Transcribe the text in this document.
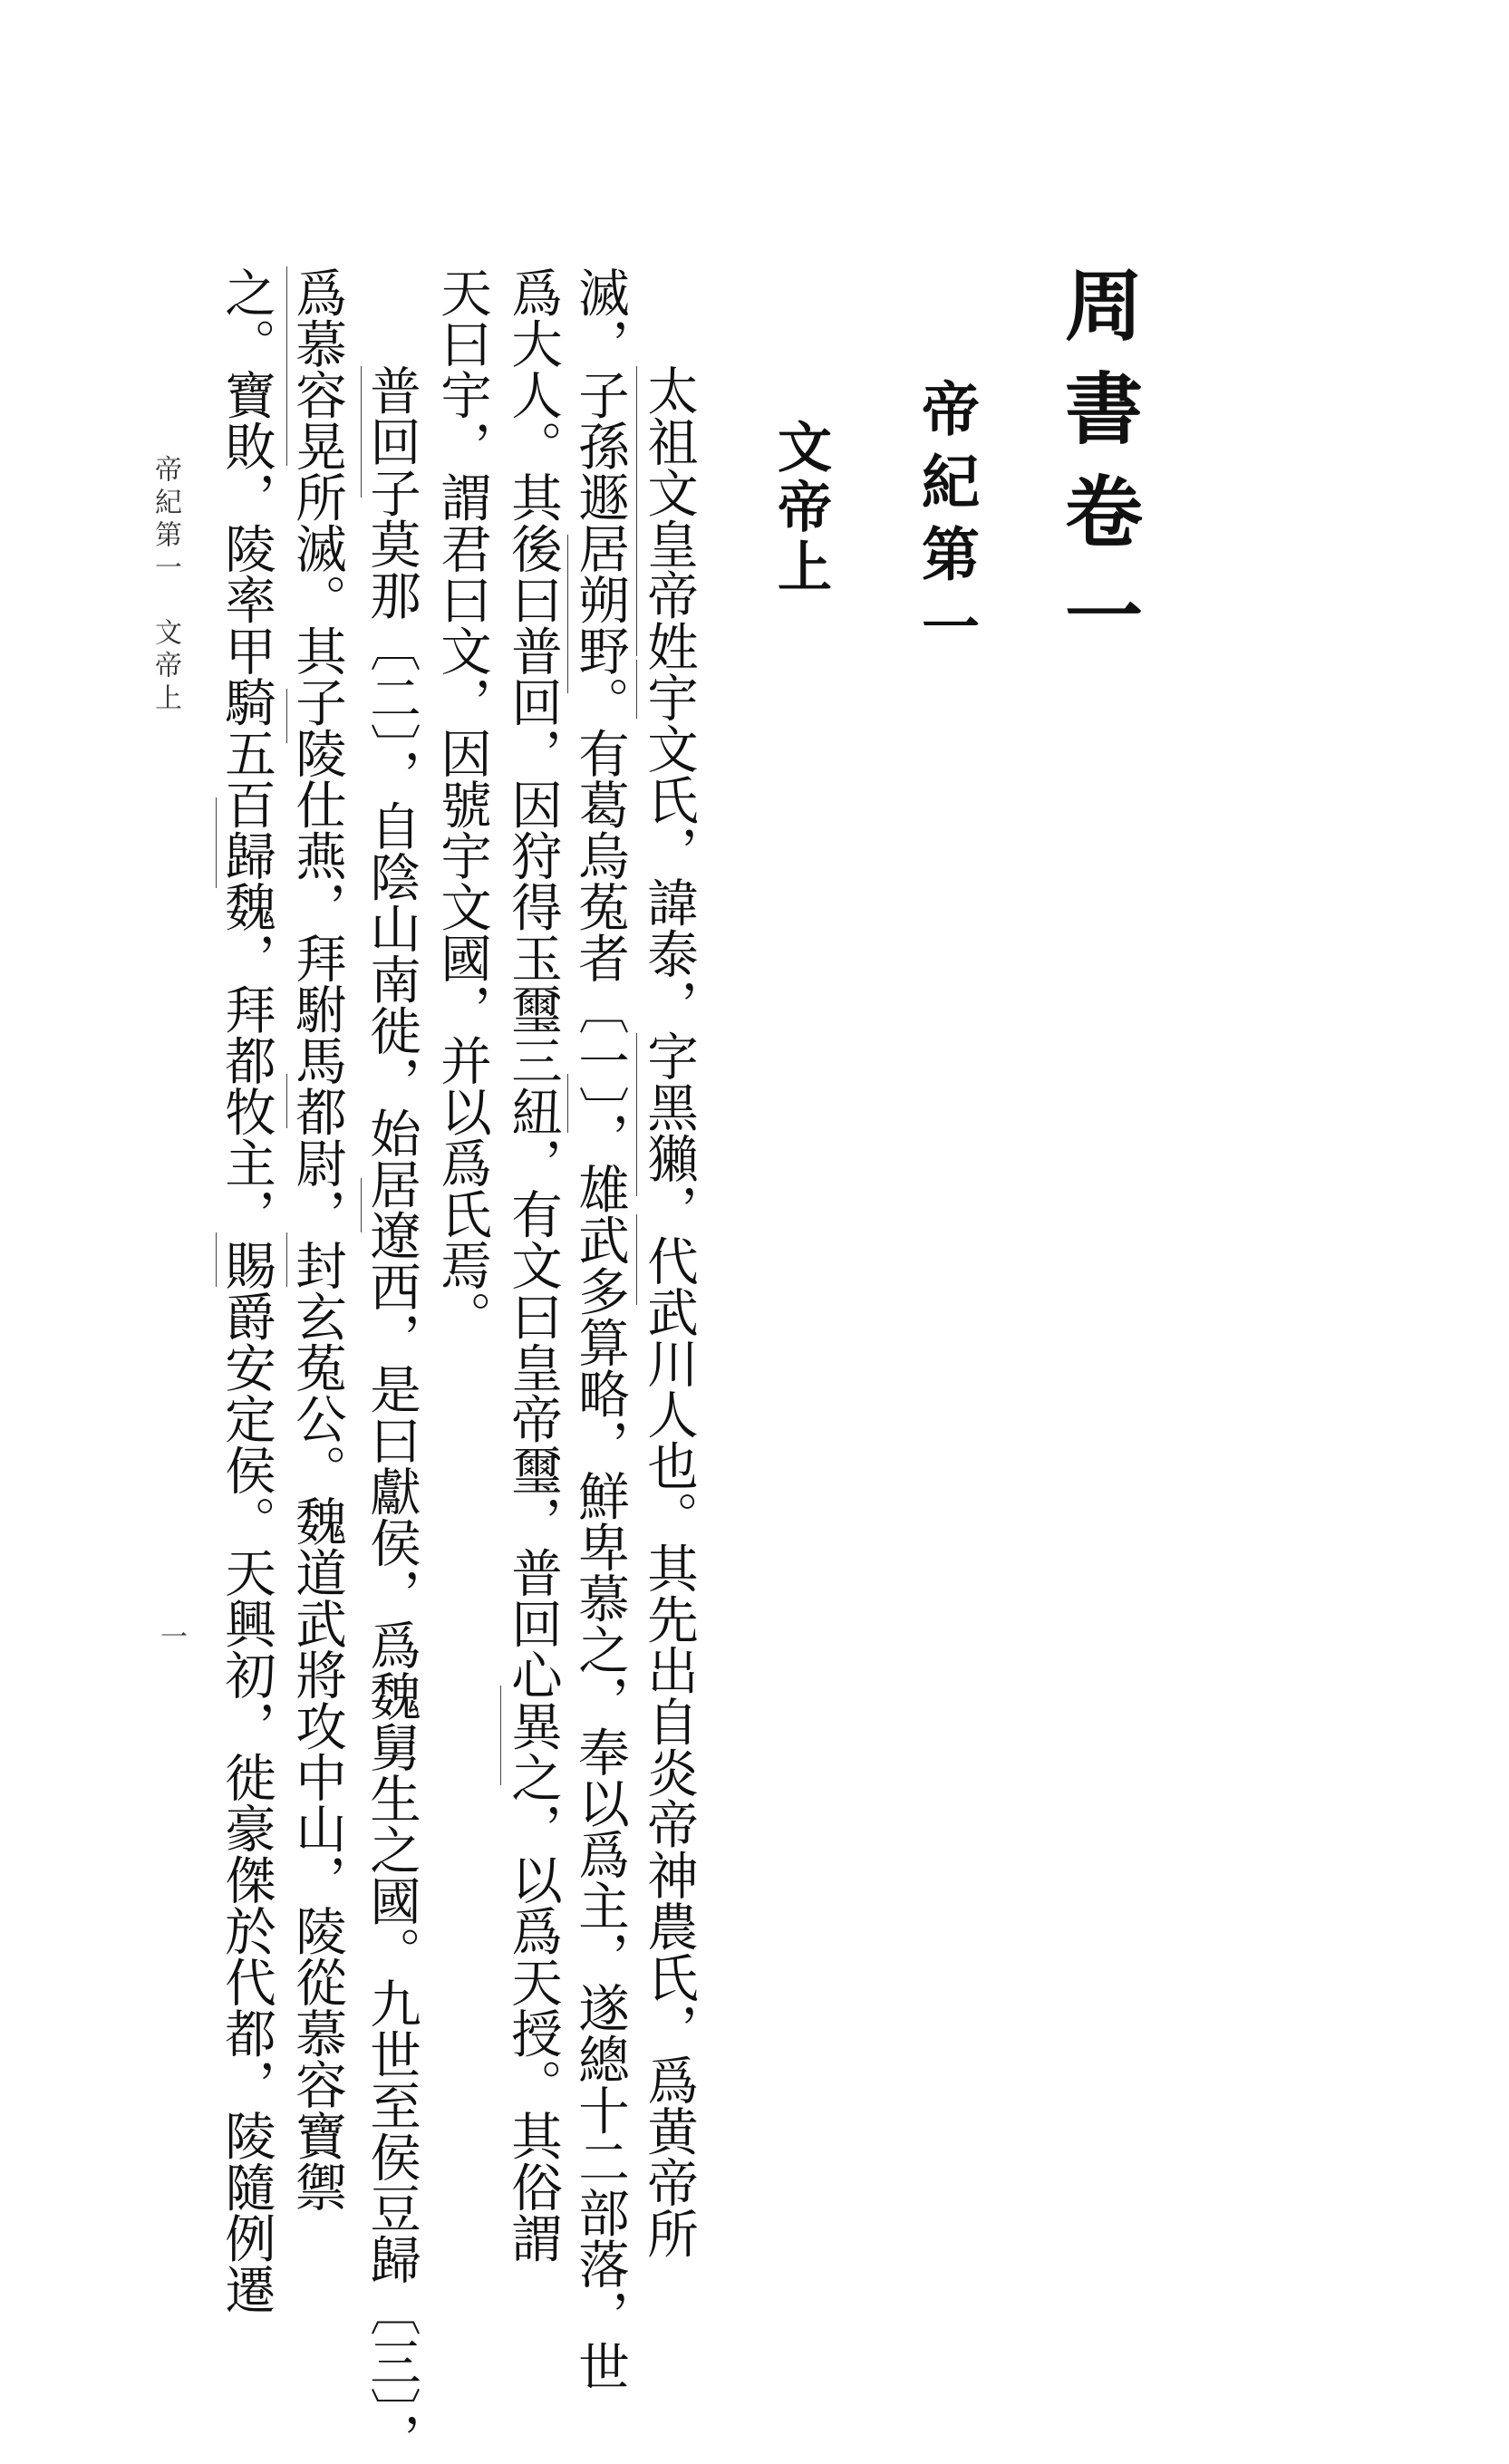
周書卷一
帝紀第一
文帝上
太祖文皇帝姓宇文氏，諱泰，字黑獺，代武川人也。其先出自炎帝神農氏，爲黄帝所
滅，子孫遯居朔野。有葛烏菟者〔一〕，雄武多算略，鮮卑慕之，奉以爲主，遂總十二部落，世
爲大人。其後曰普回，因狩得玉璽三紐，有文曰皇帝璽，普回心異之，以爲天授。其俗謂
天曰宇，謂君曰文，因號宇文國，并以爲氏焉。
普回子莫那〔二〕，自陰山南徙，始居遼西，是曰獻侯，爲魏舅生之國。九世至侯豆歸〔三〕，
爲慕容晃所滅。其子陵仕燕，拜駙馬都尉，封玄菟公。魏道武將攻中山，陵從慕容寶禦
之。寶敗，陵率甲騎五百歸魏，拜都牧主，賜爵安定侯。天興初，徙豪傑於代都，陵隨例遷
帝紀第一　文帝上
一
